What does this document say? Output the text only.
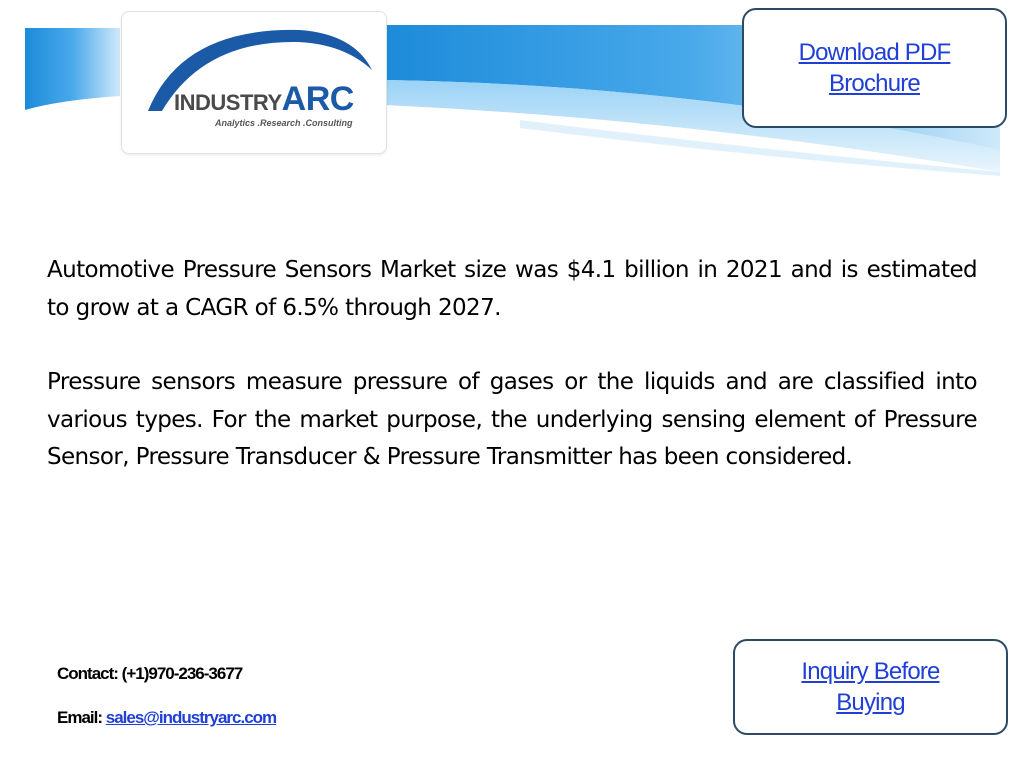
INDUSTRYARC
Analytics .Research .Consulting
Download PDF
Brochure

Automotive Pressure Sensors Market size was $4.1 billion in 2021 and is estimated to grow at a CAGR of 6.5% through 2027.

Pressure sensors measure pressure of gases or the liquids and are classified into various types. For the market purpose, the underlying sensing element of Pressure Sensor, Pressure Transducer & Pressure Transmitter has been considered.

Contact: (+1)970-236-3677
Email: sales@industryarc.com
Inquiry Before
Buying
